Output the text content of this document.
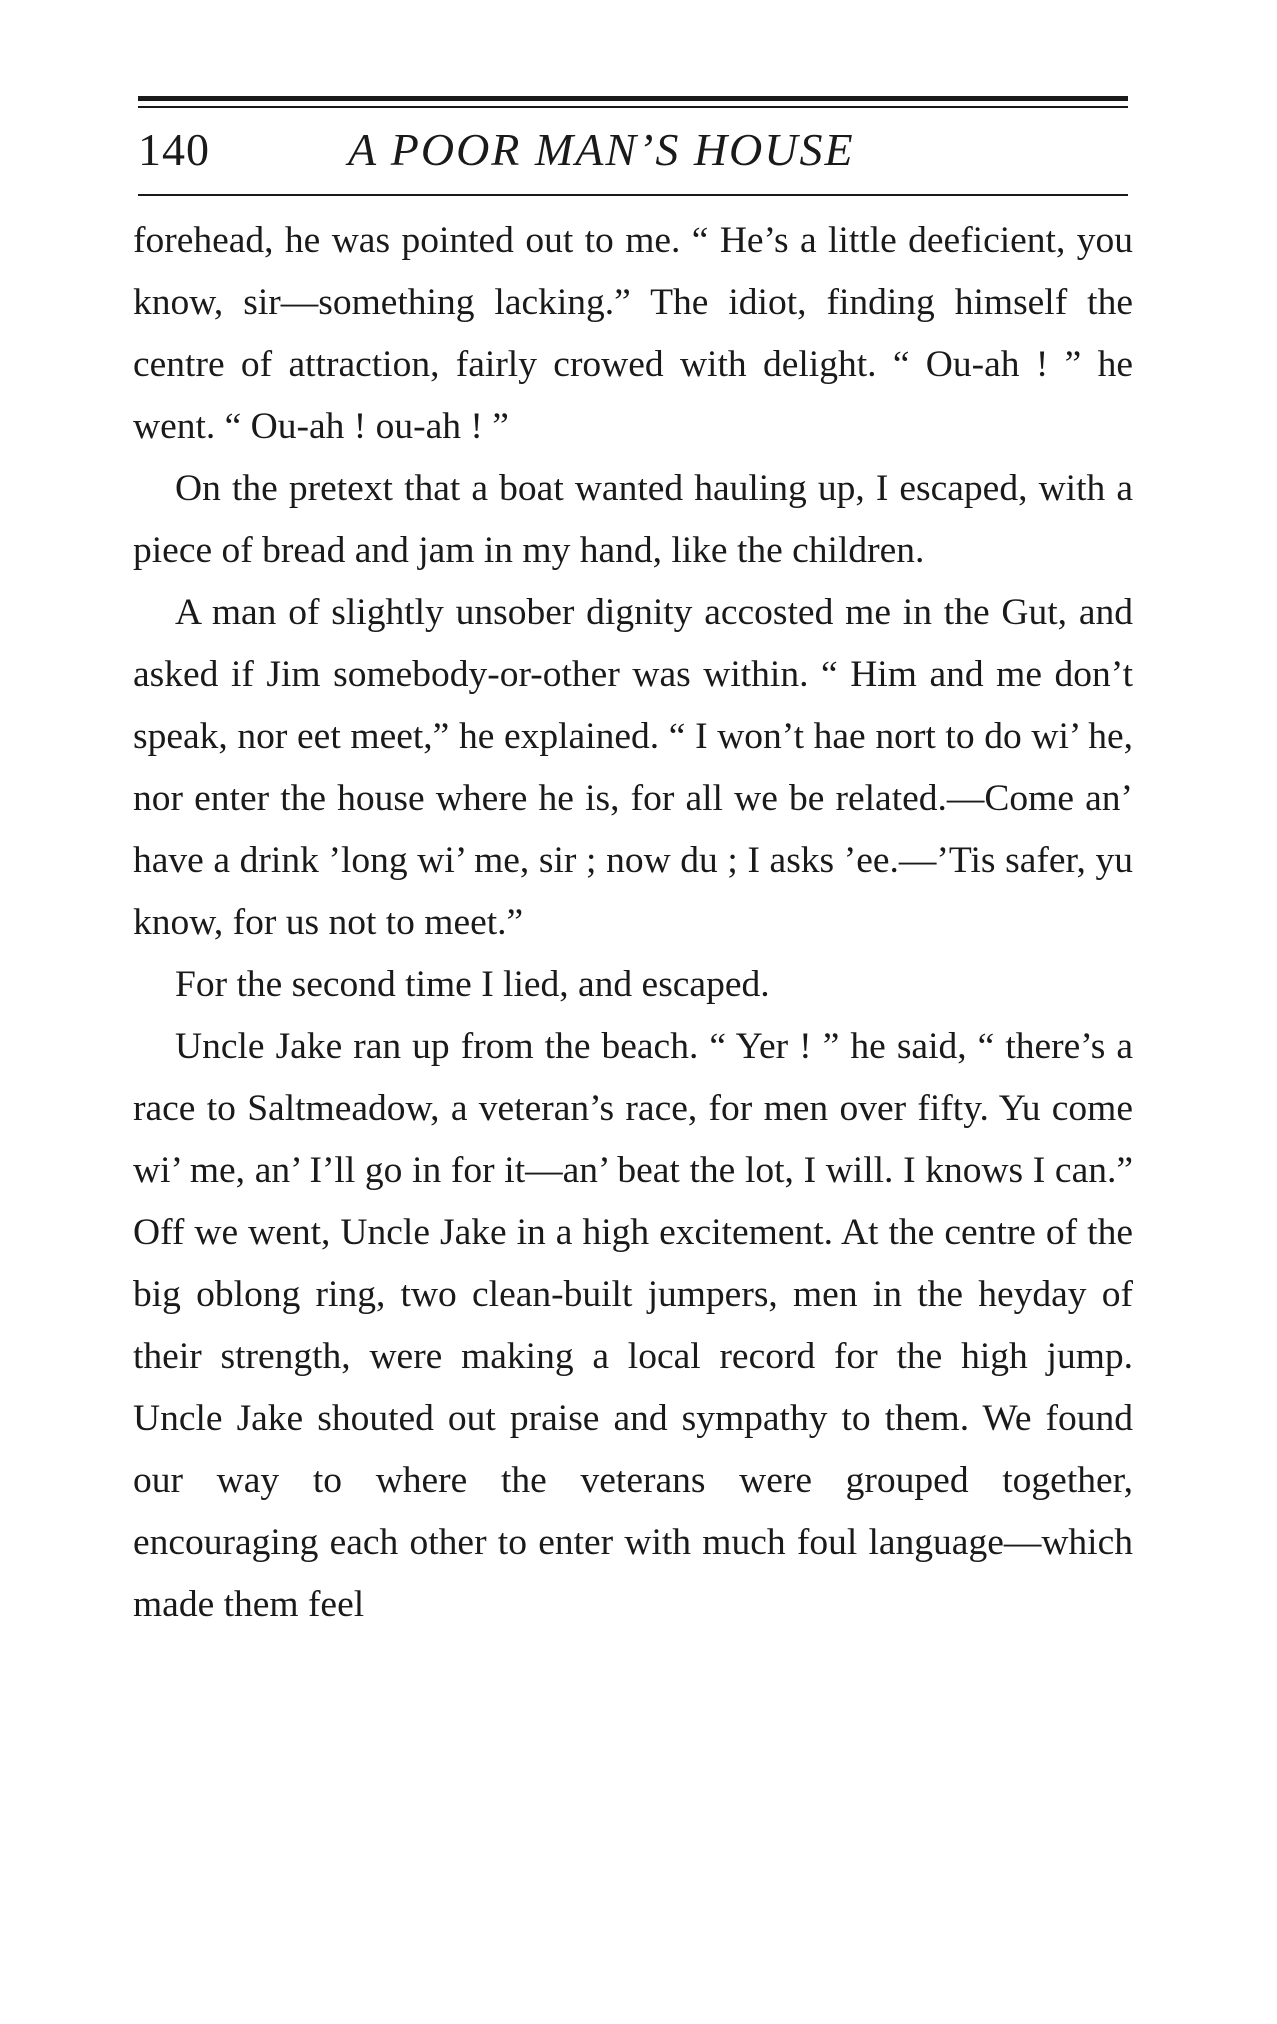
140	A POOR MAN’S HOUSE

forehead, he was pointed out to me. “ He’s a little deeficient, you know, sir—something lacking.” The idiot, finding himself the centre of attraction, fairly crowed with delight. “ Ou-ah ! ” he went. “ Ou-ah ! ou-ah ! ”

On the pretext that a boat wanted hauling up, I escaped, with a piece of bread and jam in my hand, like the children.

A man of slightly unsober dignity accosted me in the Gut, and asked if Jim somebody-or-other was within. “ Him and me don’t speak, nor eet meet,” he explained. “ I won’t hae nort to do wi’ he, nor enter the house where he is, for all we be related.—Come an’ have a drink ’long wi’ me, sir ; now du ; I asks ’ee.—’Tis safer, yu know, for us not to meet.”

For the second time I lied, and escaped.

Uncle Jake ran up from the beach. “ Yer ! ” he said, “ there’s a race to Saltmeadow, a veteran’s race, for men over fifty. Yu come wi’ me, an’ I’ll go in for it—an’ beat the lot, I will. I knows I can.” Off we went, Uncle Jake in a high excitement. At the centre of the big oblong ring, two clean-built jumpers, men in the heyday of their strength, were making a local record for the high jump. Uncle Jake shouted out praise and sympathy to them. We found our way to where the veterans were grouped together, encouraging each other to enter with much foul language—which made them feel
